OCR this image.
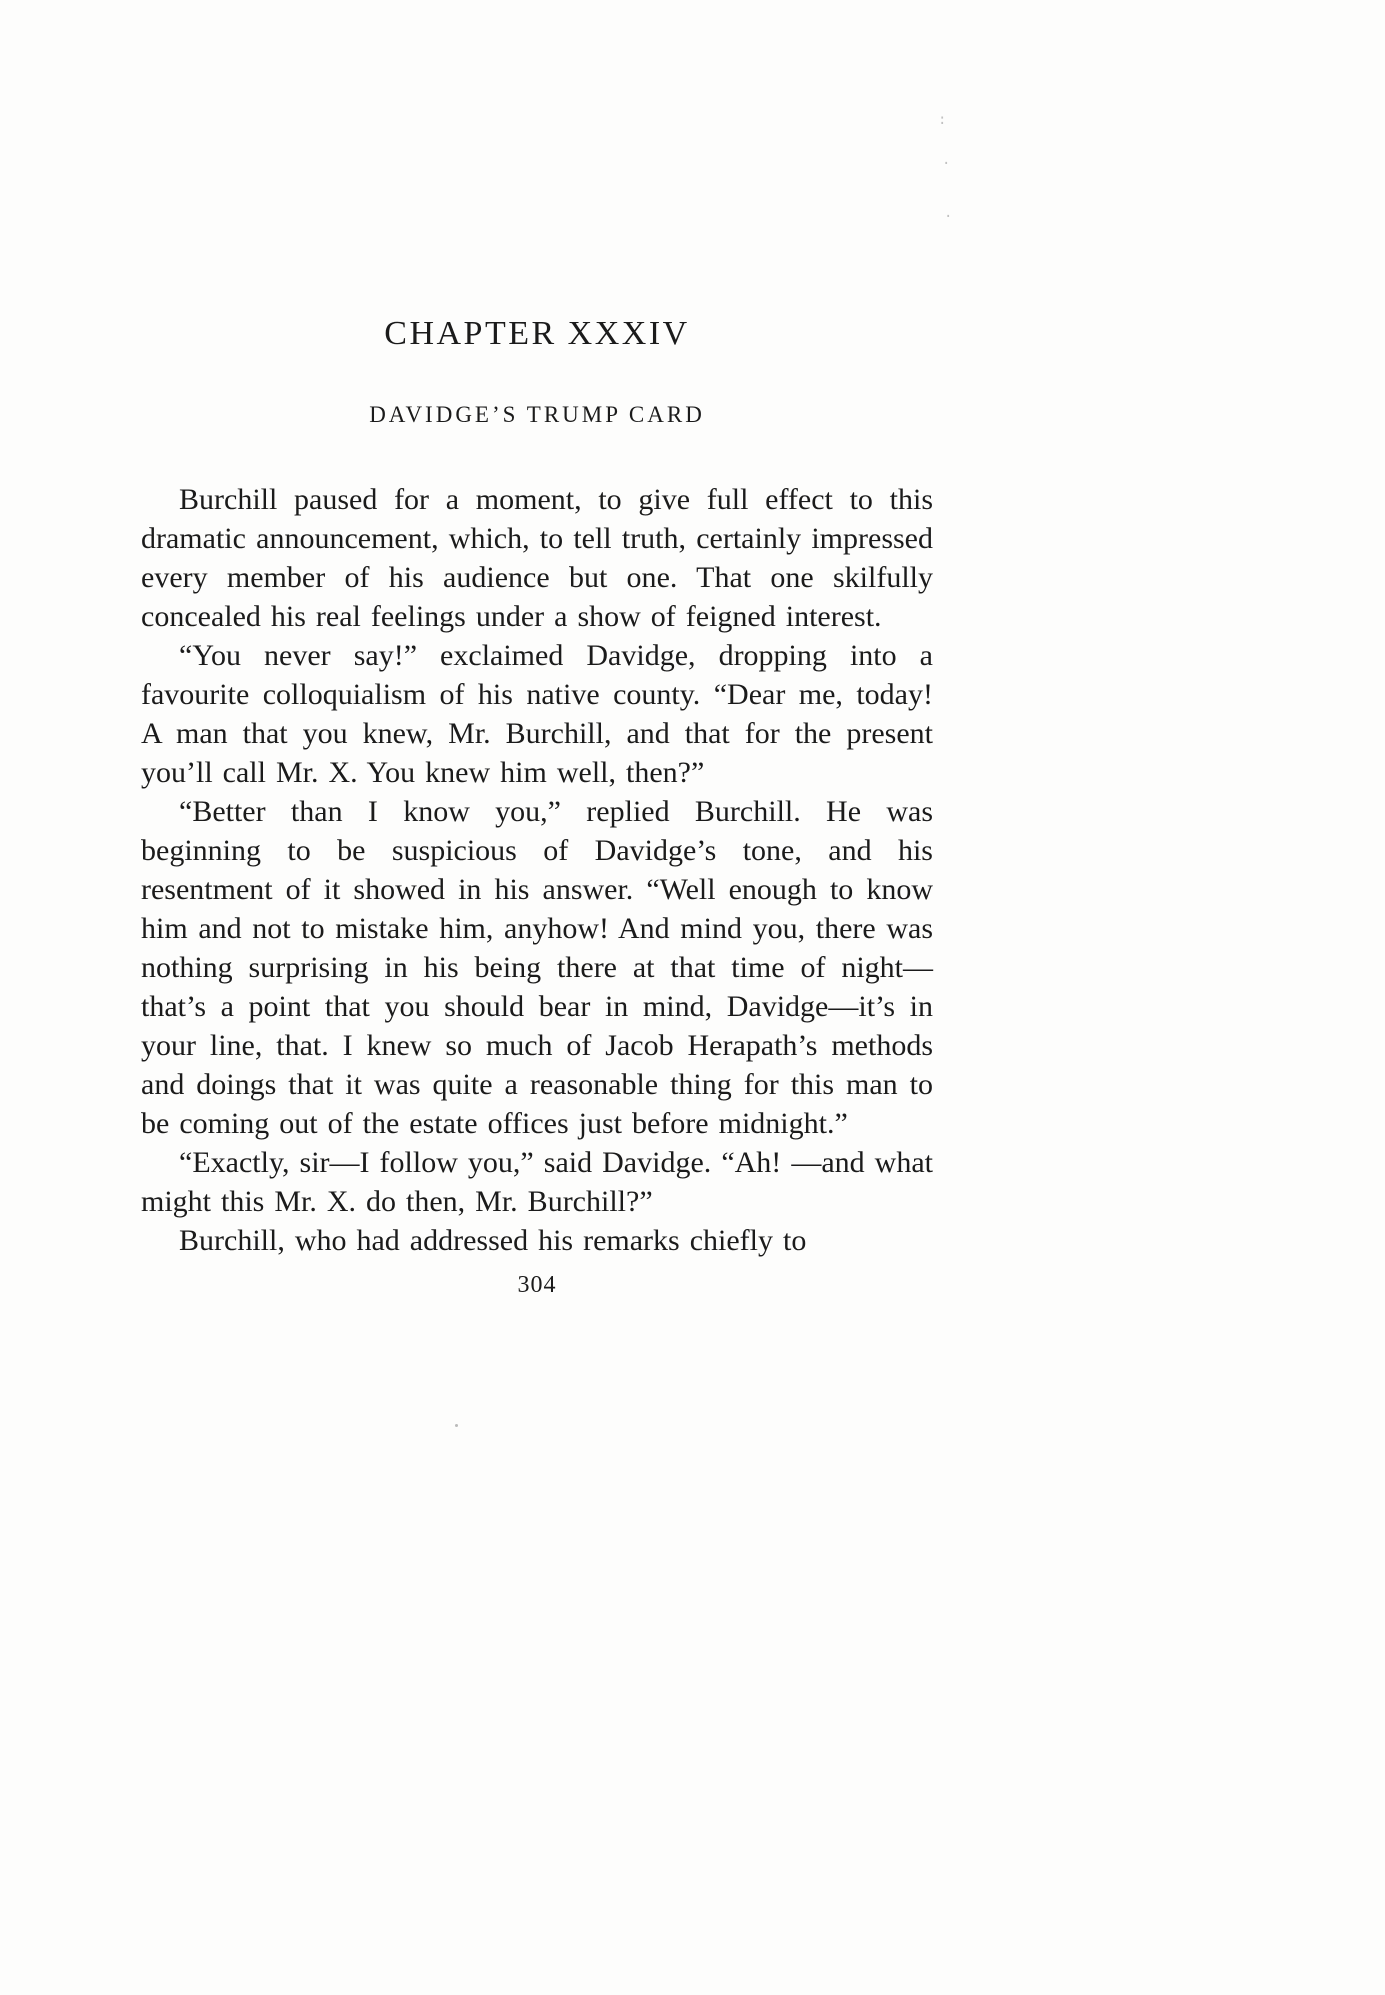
:
.
.
CHAPTER XXXIV
DAVIDGE’S TRUMP CARD

Burchill paused for a moment, to give full effect to this dramatic announcement, which, to tell truth, certainly impressed every member of his audience but one. That one skilfully concealed his real feelings under a show of feigned interest.

“You never say!” exclaimed Davidge, dropping into a favourite colloquialism of his native county. “Dear me, today! A man that you knew, Mr. Burchill, and that for the present you’ll call Mr. X. You knew him well, then?”

“Better than I know you,” replied Burchill. He was beginning to be suspicious of Davidge’s tone, and his resentment of it showed in his answer. “Well enough to know him and not to mistake him, anyhow! And mind you, there was nothing surprising in his being there at that time of night—that’s a point that you should bear in mind, Davidge—it’s in your line, that. I knew so much of Jacob Herapath’s methods and doings that it was quite a reasonable thing for this man to be coming out of the estate offices just before midnight.”

“Exactly, sir—I follow you,” said Davidge. “Ah! —and what might this Mr. X. do then, Mr. Burchill?”

Burchill, who had addressed his remarks chiefly to

304
